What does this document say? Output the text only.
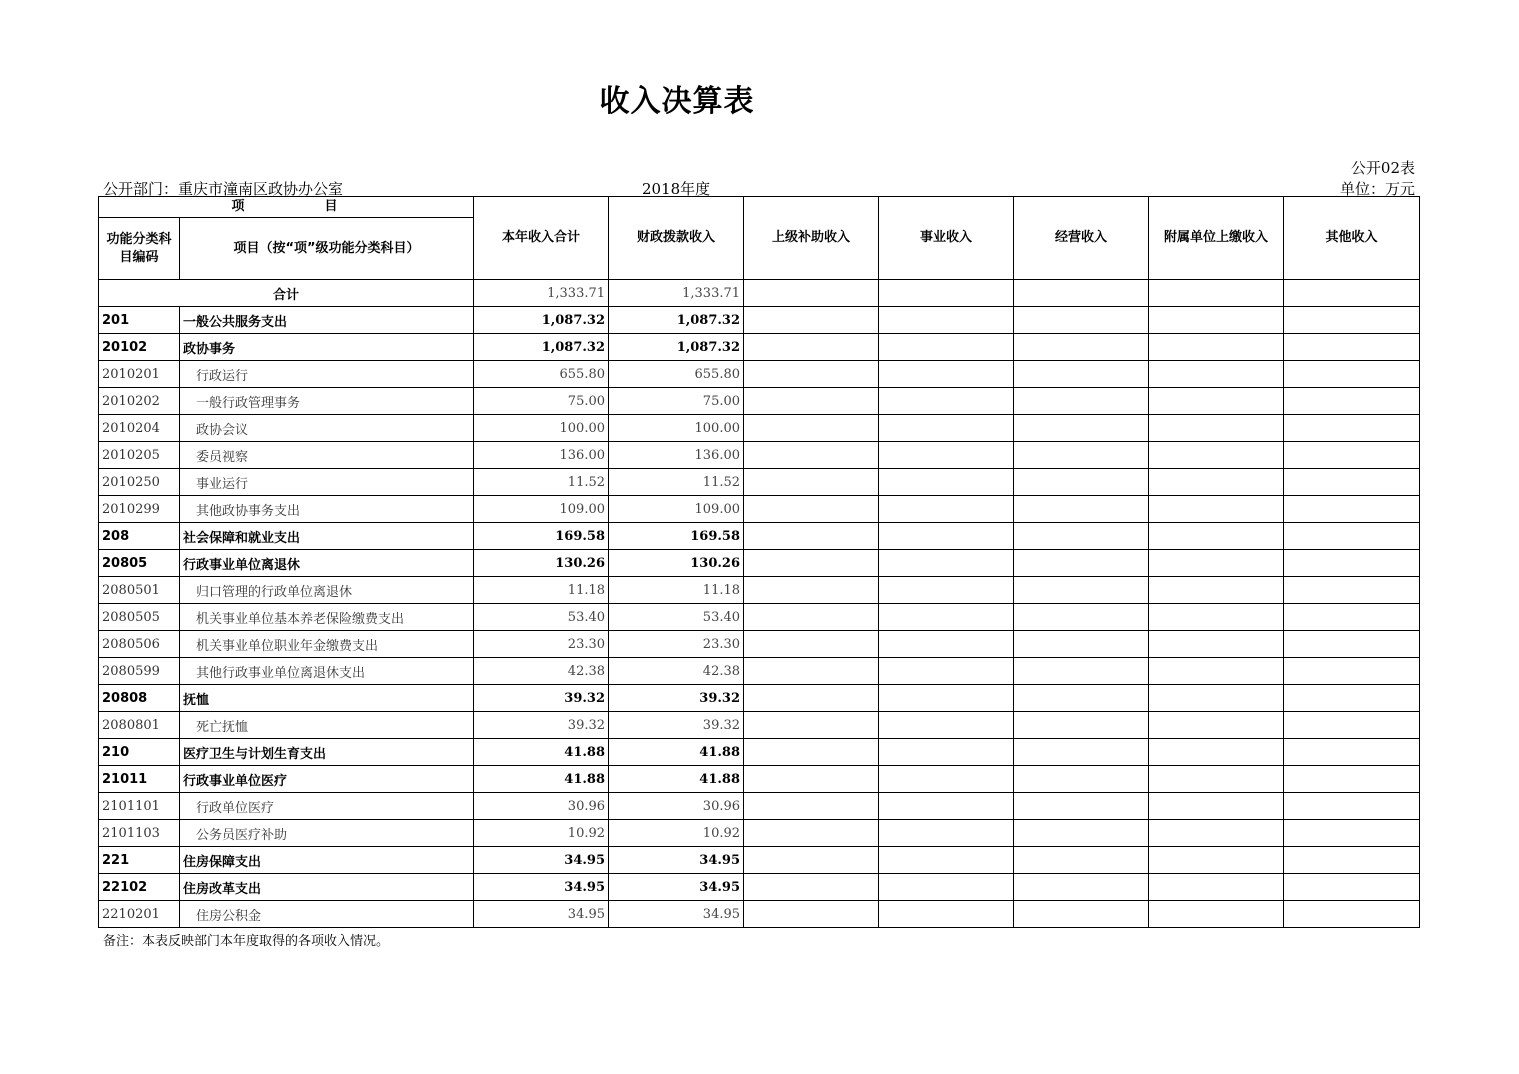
收入决算表
公开02表
公开部门：重庆市潼南区政协办公室	2018年度	单位：万元
项目		本年收入合计	财政拨款收入	上级补助收入	事业收入	经营收入	附属单位上缴收入	其他收入
功能分类科目编码	项目（按“项”级功能分类科目）							
合计		1,333.71	1,333.71					
201	一般公共服务支出	1,087.32	1,087.32					
20102	政协事务	1,087.32	1,087.32					
2010201	行政运行	655.80	655.80					
2010202	一般行政管理事务	75.00	75.00					
2010204	政协会议	100.00	100.00					
2010205	委员视察	136.00	136.00					
2010250	事业运行	11.52	11.52					
2010299	其他政协事务支出	109.00	109.00					
208	社会保障和就业支出	169.58	169.58					
20805	行政事业单位离退休	130.26	130.26					
2080501	归口管理的行政单位离退休	11.18	11.18					
2080505	机关事业单位基本养老保险缴费支出	53.40	53.40					
2080506	机关事业单位职业年金缴费支出	23.30	23.30					
2080599	其他行政事业单位离退休支出	42.38	42.38					
20808	抚恤	39.32	39.32					
2080801	死亡抚恤	39.32	39.32					
210	医疗卫生与计划生育支出	41.88	41.88					
21011	行政事业单位医疗	41.88	41.88					
2101101	行政单位医疗	30.96	30.96					
2101103	公务员医疗补助	10.92	10.92					
221	住房保障支出	34.95	34.95					
22102	住房改革支出	34.95	34.95					
2210201	住房公积金	34.95	34.95					
备注：本表反映部门本年度取得的各项收入情况。
